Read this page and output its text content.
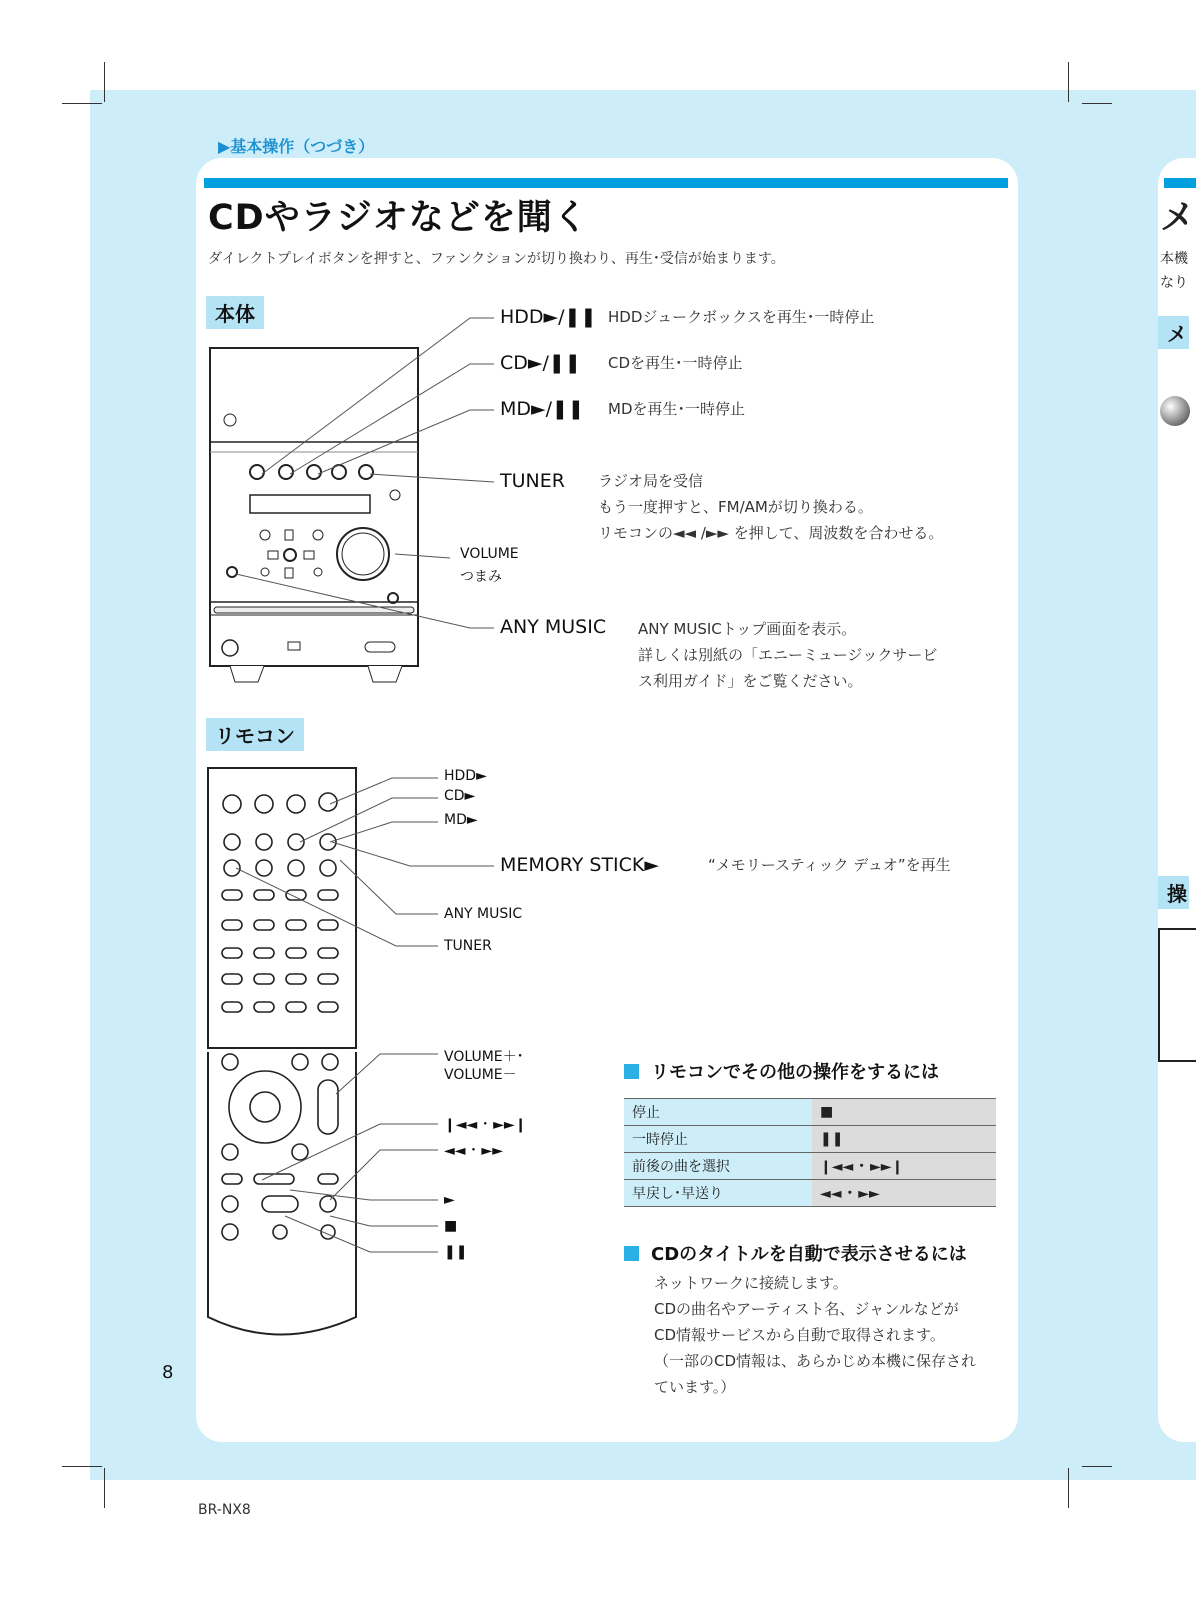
▶基本操作（つづき）
CDやラジオなどを聞く
ダイレクトプレイボタンを押すと、ファンクションが切り換わり、再生･受信が始まります。
本体	HDD►/❚❚ HDDジュークボックスを再生･一時停止
CD►/❚❚ CDを再生･一時停止
MD►/❚❚ MDを再生･一時停止
TUNER ラジオ局を受信
もう一度押すと、FM/AMが切り換わる。
リモコンの◄◄ /►► を押して、周波数を合わせる。
VOLUME
つまみ
ANY MUSIC ANY MUSICトップ画面を表示。
詳しくは別紙の「エニーミュージックサービ
ス利用ガイド」をご覧ください。
リモコン
HDD►
CD►
MD►
MEMORY STICK►	“メモリースティック デュオ”を再生
ANY MUSIC
TUNER
VOLUME＋･
VOLUME－
❙◄◄ ･ ►►❙
◄◄ ･ ►►
►
■
❚❚
リモコンでその他の操作をするには
停止	■
一時停止	❚❚
前後の曲を選択	❙◄◄ ･ ►►❙
早戻し･早送り	◄◄ ･ ►►
CDのタイトルを自動で表示させるには
ネットワークに接続します。
CDの曲名やアーティスト名、ジャンルなどが
CD情報サービスから自動で取得されます。
（一部のCD情報は、あらかじめ本機に保存され
ています。）
メ
本機
なり
メ
操
8
BR-NX8
